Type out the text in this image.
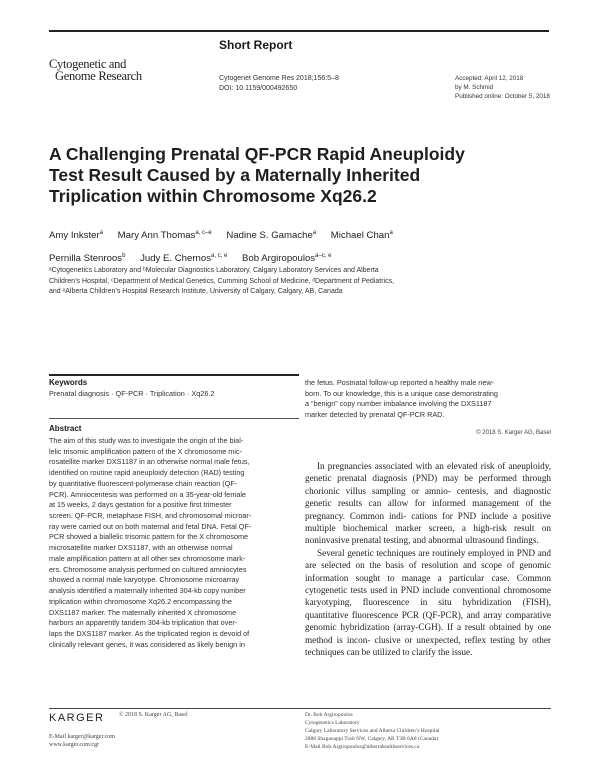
Short Report
Cytogenetic and
Genome Research	Cytogenet Genome Res 2018;156:5–8
DOI: 10.1159/000492650
Accepted: April 12, 2018
by M. Schmid
Published online: October 5, 2018
A Challenging Prenatal QF-PCR Rapid Aneuploidy
Test Result Caused by a Maternally Inherited
Triplication within Chromosome Xq26.2
Amy Inkster$^a$ Mary Ann Thomas$^{a, c-e}$ Nadine S. Gamache$^a$ Michael Chan$^a$
Pernilla Stenroos$^b$ Judy E. Chernos$^{a, c, e}$ Bob Argiropoulos$^{a-c, e}$
ᵃCytogenetics Laboratory and ᵇMolecular Diagnostics Laboratory, Calgary Laboratory Services and Alberta
Children’s Hospital, ᶜDepartment of Medical Genetics, Cumming School of Medicine, ᵈDepartment of Pediatrics,
and ᵉAlberta Children’s Hospital Research Institute, University of Calgary, Calgary, AB, Canada
Keywords
Prenatal diagnosis · QF-PCR · Triplication · Xq26.2
Abstract
The aim of this study was to investigate the origin of the bial-
lelic trisomic amplification pattern of the X chromosome mic-
rosatellite marker DXS1187 in an otherwise normal male fetus,
identified on routine rapid aneuploidy detection (RAD) testing
by quantitative fluorescent-polymerase chain reaction (QF-
PCR). Amniocentesis was performed on a 35-year-old female
at 15 weeks, 2 days gestation for a positive first trimester
screen. QF-PCR, metaphase FISH, and chromosomal microar-
ray were carried out on both maternal and fetal DNA. Fetal QF-
PCR showed a biallelic trisomic pattern for the X chromosome
microsatellite marker DXS1187, with an otherwise normal
male amplification pattern at all other sex chromosome mark-
ers. Chromosome analysis performed on cultured amniocytes
showed a normal male karyotype. Chromosome microarray
analysis identified a maternally inherited 304-kb copy number
triplication within chromosome Xq26.2 encompassing the
DXS1187 marker. The maternally inherited X chromosome
harbors an apparently tandem 304-kb triplication that over-
laps the DXS1187 marker. As the triplicated region is devoid of
clinically relevant genes, it was considered as likely benign in
the fetus. Postnatal follow-up reported a healthy male new-
born. To our knowledge, this is a unique case demonstrating
a “benign” copy number imbalance involving the DXS1187
marker detected by prenatal QF-PCR RAD.
© 2018 S. Karger AG, Basel

In pregnancies associated with an elevated risk of aneuploidy, genetic prenatal diagnosis (PND) may be performed through chorionic villus sampling or amnio- centesis, and diagnostic genetic results can allow for informed management of the pregnancy. Common indi- cations for PND include a positive multiple biochemical marker screen, a high-risk result on noninvasive prenatal testing, and abnormal ultrasound findings.

Several genetic techniques are routinely employed in PND and are selected on the basis of resolution and scope of genomic information sought to manage a particular case. Common cytogenetic tests used in PND include conventional chromosome karyotyping, fluorescence in situ hybridization (FISH), quantitative fluorescence PCR (QF-PCR), and array comparative genomic hybridization (array-CGH). If a result obtained by one method is incon- clusive or unexpected, reflex testing by other techniques can be utilized to clarify the issue.

KARGER © 2018 S. Karger AG, Basel
E-Mail karger@karger.com
www.karger.com/cgr
Dr. Bob Argiropoulos
Cytogenetics Laboratory
Calgary Laboratory Services and Alberta Children’s Hospital
2888 Shaganappi Trail NW, Calgary, AB T3B 6A8 (Canada)
E-Mail Bob.Argiropoulos@albertahealthservices.ca
